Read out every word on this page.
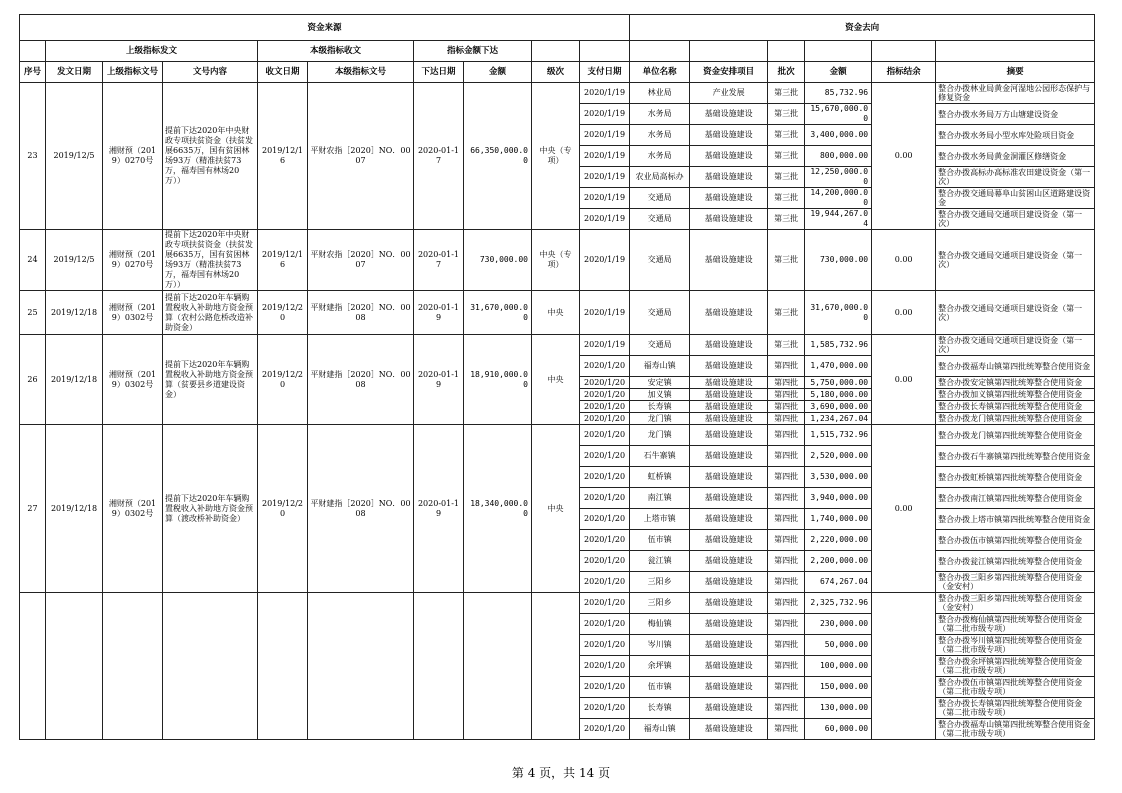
资金来源										资金去向					
	上级指标发文			本级指标收文		指标金额下达									
序号	发文日期	上级指标文号	文号内容	收文日期	本级指标文号	下达日期	金额	级次	支付日期	单位名称	资金安排项目	批次	金额	指标结余	摘要
23	2019/12/5	湘财预（2019）0270号	提前下达2020年中央财政专项扶贫资金（扶贫发展6635万，国有贫困林场93万（精准扶贫73万，福寿国有林场20万））	2019/12/16	平财农指［2020］NO．0007	2020-01-17	66,350,000.00	中央（专项）	2020/1/19	林业局	产业发展	第三批	85,732.96	0.00	整合办拨林业局黄金河湿地公园形态保护与修复资金
									2020/1/19	水务局	基础设施建设	第三批	15,670,000.00		整合办拨水务局万方山塘建设资金
									2020/1/19	水务局	基础设施建设	第三批	3,400,000.00		整合办拨水务局小型水库处险项目资金
									2020/1/19	水务局	基础设施建设	第三批	800,000.00		整合办拨水务局黄金洞灌区修缮资金
									2020/1/19	农业局高标办	基础设施建设	第三批	12,250,000.00		整合办拨高标办高标准农田建设资金（第一次）
									2020/1/19	交通局	基础设施建设	第三批	14,200,000.00		整合办拨交通局幕阜山贫困山区道路建设资金
									2020/1/19	交通局	基础设施建设	第三批	19,944,267.04		整合办拨交通局交通项目建设资金（第一次）
24	2019/12/5	湘财预（2019）0270号	提前下达2020年中央财政专项扶贫资金（扶贫发展6635万，国有贫困林场93万（精准扶贫73万，福寿国有林场20万））	2019/12/16	平财农指［2020］NO．0007	2020-01-17	730,000.00	中央（专项）	2020/1/19	交通局	基础设施建设	第三批	730,000.00	0.00	整合办拨交通局交通项目建设资金（第一次）
25	2019/12/18	湘财预（2019）0302号	提前下达2020年车辆购置税收入补助地方资金预算（农村公路危桥改造补助资金）	2019/12/20	平财建指［2020］NO．0008	2020-01-19	31,670,000.00	中央	2020/1/19	交通局	基础设施建设	第三批	31,670,000.00	0.00	整合办拨交通局交通项目建设资金（第一次）
26	2019/12/18	湘财预（2019）0302号	提前下达2020年车辆购置税收入补助地方资金预算（贫要县乡道建设资金）	2019/12/20	平财建指［2020］NO．0008	2020-01-19	18,910,000.00	中央	2020/1/19	交通局	基础设施建设	第三批	1,585,732.96	0.00	整合办拨交通局交通项目建设资金（第一次）
									2020/1/20	福寿山镇	基础设施建设	第四批	1,470,000.00		整合办拨福寿山镇第四批统筹整合使用资金
									2020/1/20	安定镇	基础设施建设	第四批	5,750,000.00		整合办拨安定镇第四批统筹整合使用资金
									2020/1/20	加义镇	基础设施建设	第四批	5,180,000.00		整合办拨加义镇第四批统筹整合使用资金
									2020/1/20	长寿镇	基础设施建设	第四批	3,690,000.00		整合办拨长寿镇第四批统筹整合使用资金
									2020/1/20	龙门镇	基础设施建设	第四批	1,234,267.04		整合办拨龙门镇第四批统筹整合使用资金
27	2019/12/18	湘财预（2019）0302号	提前下达2020年车辆购置税收入补助地方资金预算（渡改桥补助资金）	2019/12/20	平财建指［2020］NO．0008	2020-01-19	18,340,000.00	中央	2020/1/20	龙门镇	基础设施建设	第四批	1,515,732.96	0.00	整合办拨龙门镇第四批统筹整合使用资金
									2020/1/20	石牛寨镇	基础设施建设	第四批	2,520,000.00		整合办拨石牛寨镇第四批统筹整合使用资金
									2020/1/20	虹桥镇	基础设施建设	第四批	3,530,000.00		整合办拨虹桥镇第四批统筹整合使用资金
									2020/1/20	南江镇	基础设施建设	第四批	3,940,000.00		整合办拨南江镇第四批统筹整合使用资金
									2020/1/20	上塔市镇	基础设施建设	第四批	1,740,000.00		整合办拨上塔市镇第四批统筹整合使用资金
									2020/1/20	伍市镇	基础设施建设	第四批	2,220,000.00		整合办拨伍市镇第四批统筹整合使用资金
									2020/1/20	瓮江镇	基础设施建设	第四批	2,200,000.00		整合办拨瓮江镇第四批统筹整合使用资金
									2020/1/20	三阳乡	基础设施建设	第四批	674,267.04		整合办拨三阳乡第四批统筹整合使用资金（金安村）
									2020/1/20	三阳乡	基础设施建设	第四批	2,325,732.96		整合办拨三阳乡第四批统筹整合使用资金（金安村）
									2020/1/20	梅仙镇	基础设施建设	第四批	230,000.00		整合办拨梅仙镇第四批统筹整合使用资金（第二批市级专项）
									2020/1/20	岑川镇	基础设施建设	第四批	50,000.00		整合办拨岑川镇第四批统筹整合使用资金（第二批市级专项）
									2020/1/20	余坪镇	基础设施建设	第四批	100,000.00		整合办拨余坪镇第四批统筹整合使用资金（第二批市级专项）
									2020/1/20	伍市镇	基础设施建设	第四批	150,000.00		整合办拨伍市镇第四批统筹整合使用资金（第二批市级专项）
									2020/1/20	长寿镇	基础设施建设	第四批	130,000.00		整合办拨长寿镇第四批统筹整合使用资金（第二批市级专项）
									2020/1/20	福寿山镇	基础设施建设	第四批	60,000.00		整合办拨福寿山镇第四批统筹整合使用资金（第二批市级专项）
第 4 页，共 14 页
